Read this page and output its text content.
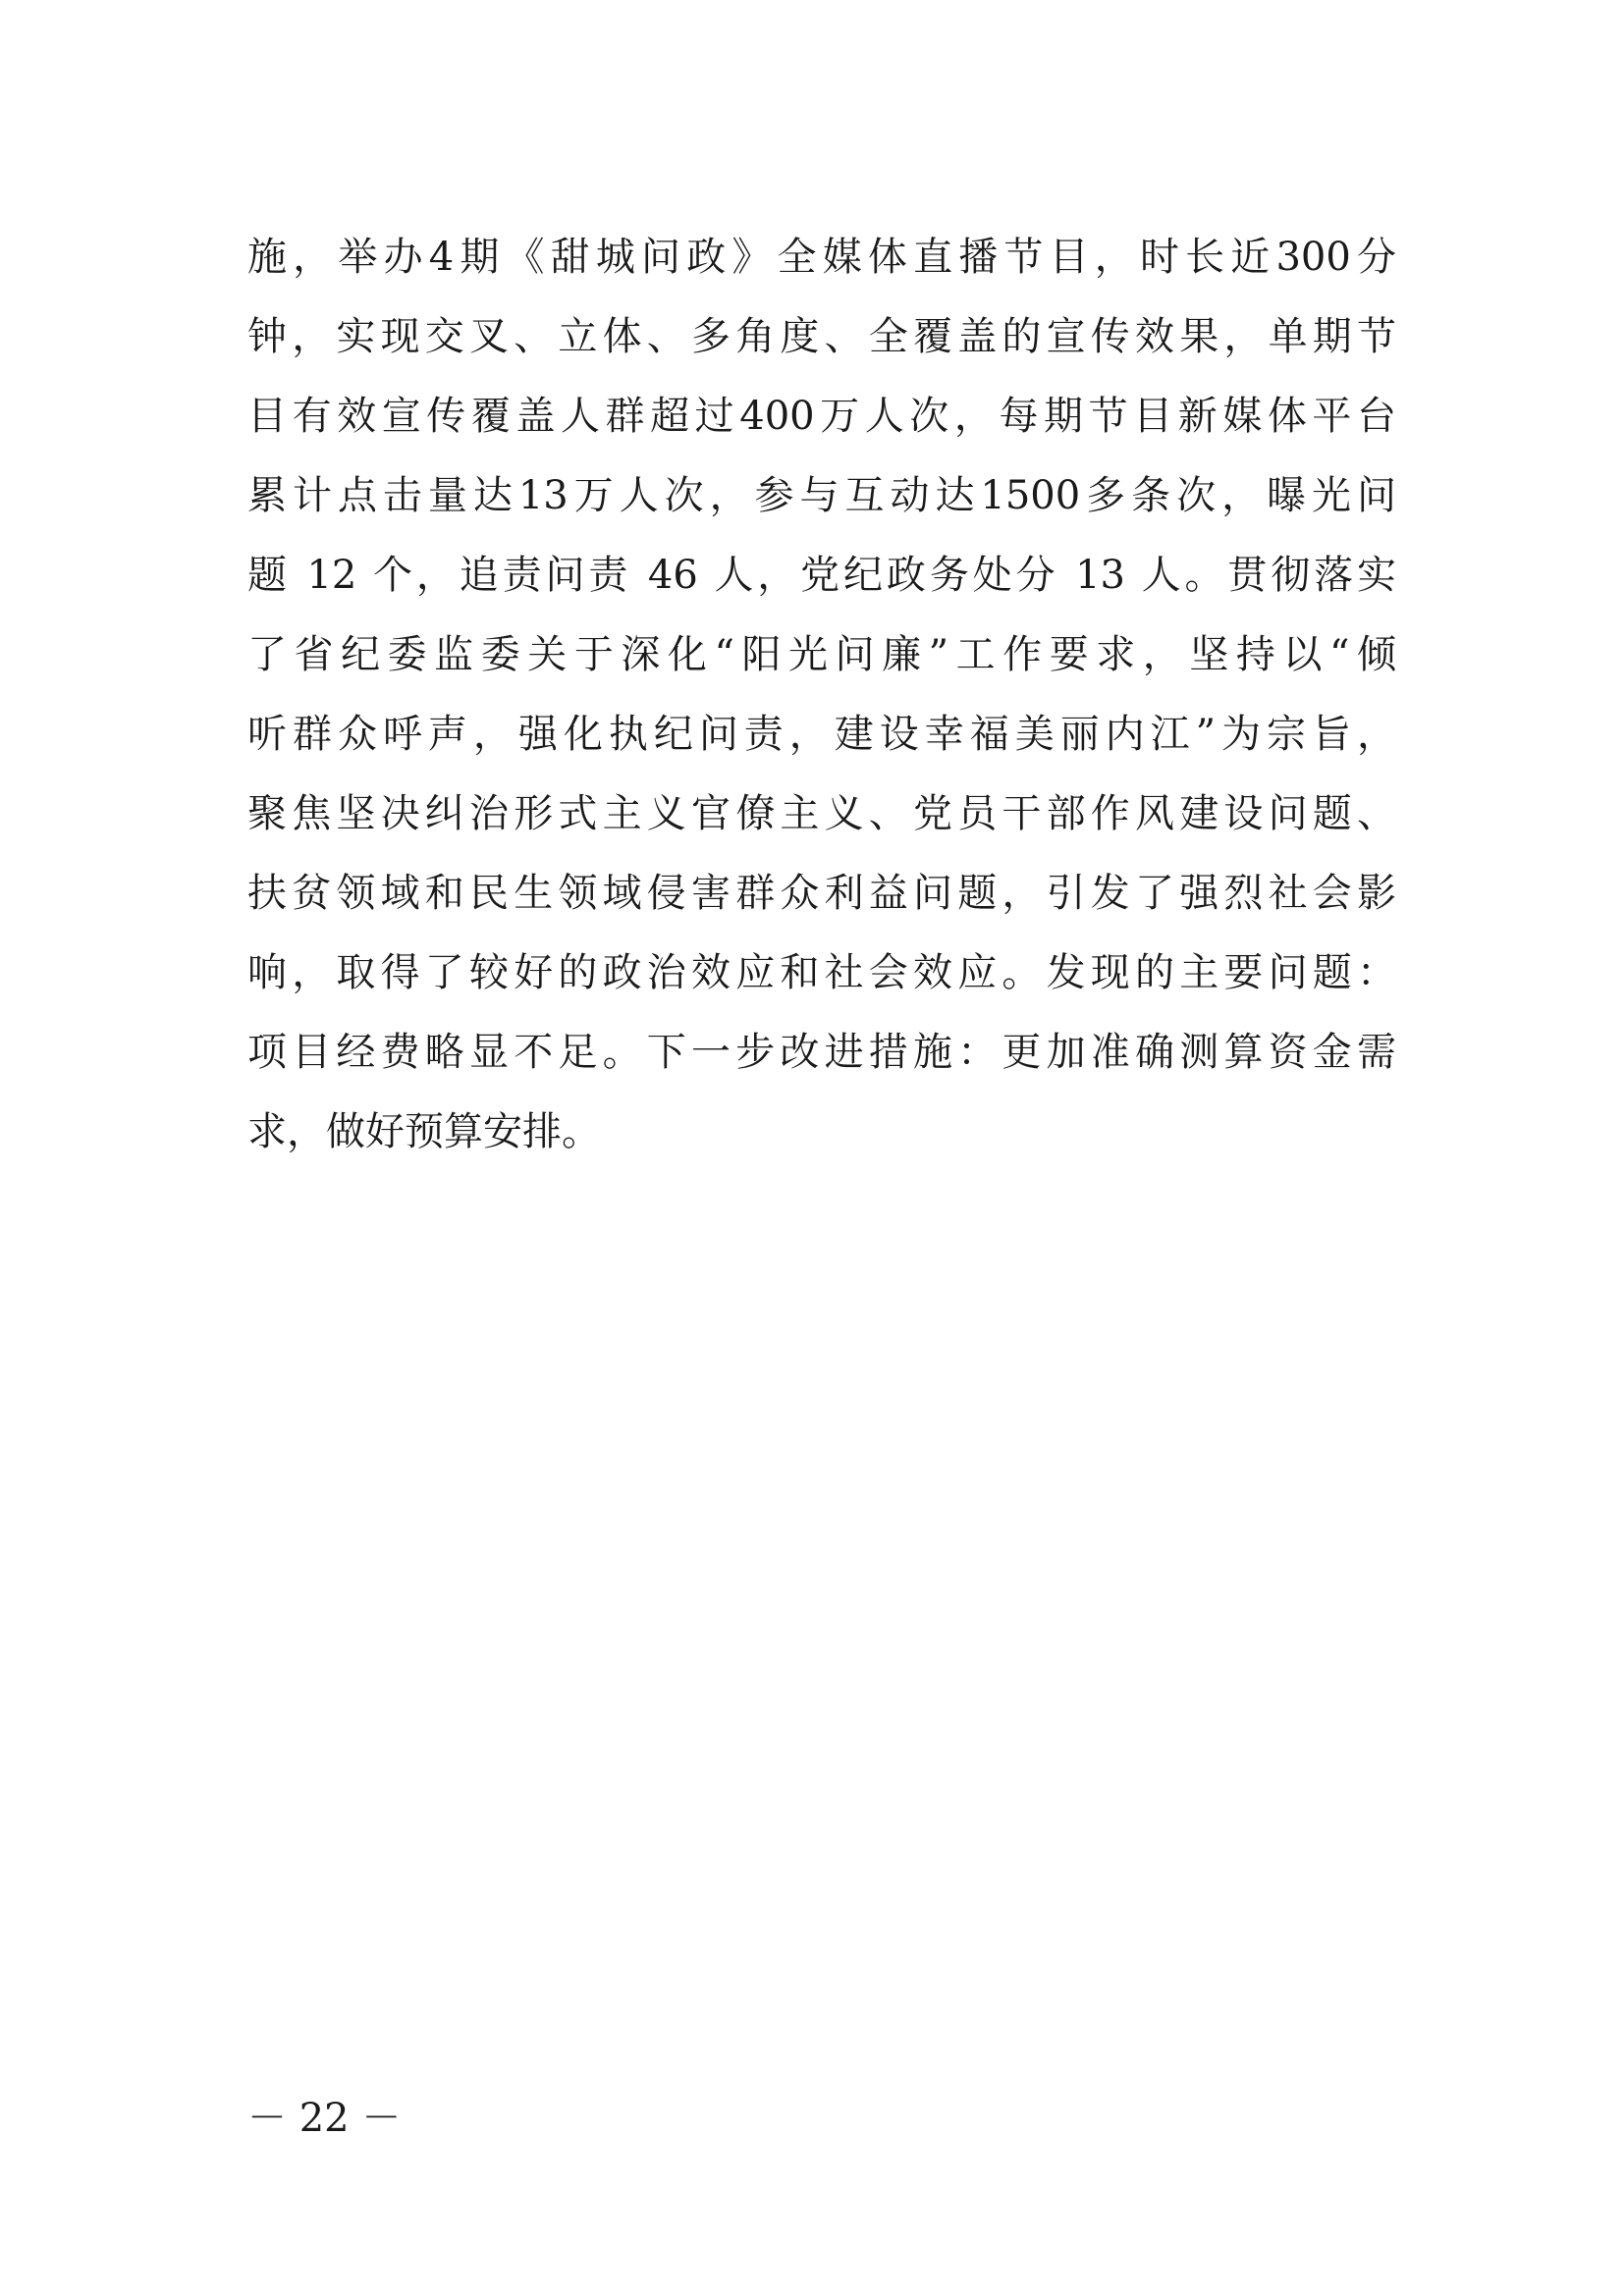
施，举办4期《甜城问政》全媒体直播节目，时长近300分
钟，实现交叉、立体、多角度、全覆盖的宣传效果，单期节
目有效宣传覆盖人群超过400万人次，每期节目新媒体平台
累计点击量达13万人次，参与互动达1500多条次，曝光问
题 12 个，追责问责 46 人，党纪政务处分 13 人。贯彻落实
了省纪委监委关于深化“阳光问廉”工作要求，坚持以“倾
听群众呼声，强化执纪问责，建设幸福美丽内江”为宗旨，
聚焦坚决纠治形式主义官僚主义、党员干部作风建设问题、
扶贫领域和民生领域侵害群众利益问题，引发了强烈社会影
响，取得了较好的政治效应和社会效应。发现的主要问题：
项目经费略显不足。下一步改进措施：更加准确测算资金需
求，做好预算安排。
－ 22 －
